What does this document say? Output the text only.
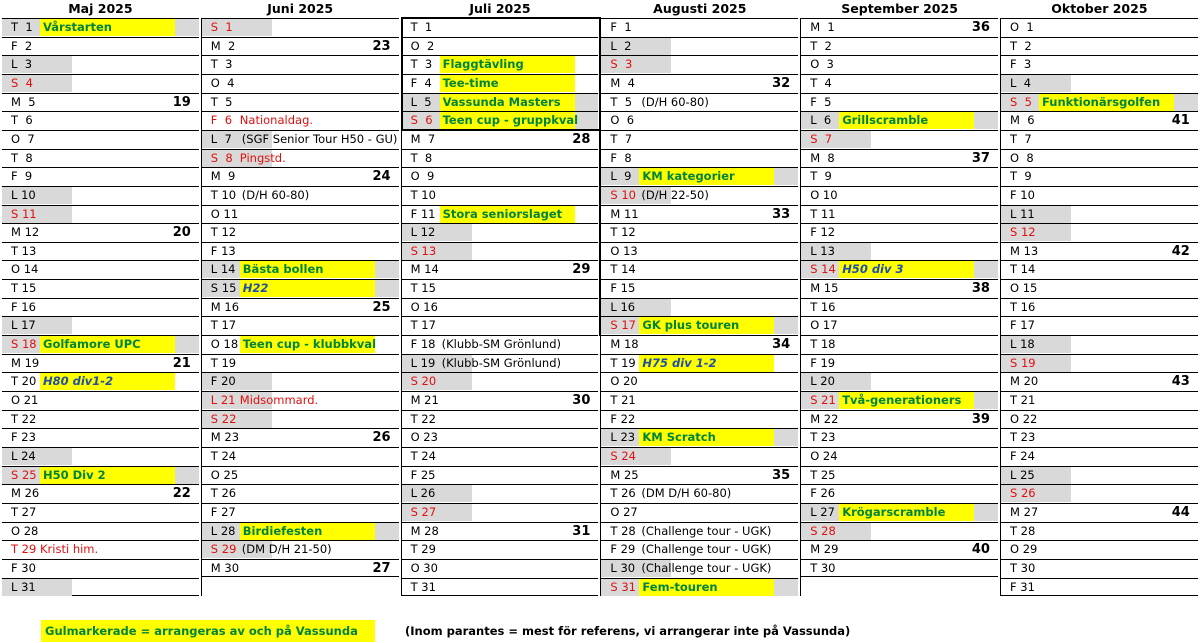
Maj 2025
T  1 Vårstarten
F  2
L  3
S  4
M  5	19
T  6
O  7
T  8
F  9
L 10
S 11
M 12	20
T 13
O 14
T 15
F 16
L 17
S 18 Golfamore UPC
M 19	21
T 20 H80 div1-2
O 21
T 22
F 23
L 24
S 25 H50 Div 2
M 26	22
T 27
O 28
T 29 Kristi him.
F 30
L 31
Juni 2025
S  1
M  2	23
T  3
O  4
T  5
F  6 Nationaldag.
L  7 (SGF Senior Tour H50 - GU)
S  8 Pingstd.
M  9	24
T 10 (D/H 60-80)
O 11
T 12
F 13
L 14 Bästa bollen
S 15 H22
M 16	25
T 17
O 18 Teen cup - klubbkval
T 19
F 20
L 21 Midsommard.
S 22
M 23	26
T 24
O 25
T 26
F 27
L 28 Birdiefesten
S 29 (DM D/H 21-50)
M 30	27
Juli 2025
T  1
O  2
T  3 Flaggtävling
F  4 Tee-time
L  5 Vassunda Masters
S  6 Teen cup - gruppkval
M  7	28
T  8
O  9
T 10
F 11 Stora seniorslaget
L 12
S 13
M 14	29
T 15
O 16
T 17
F 18 (Klubb-SM Grönlund)
L 19 (Klubb-SM Grönlund)
S 20
M 21	30
T 22
O 23
T 24
F 25
L 26
S 27
M 28	31
T 29
O 30
T 31
Augusti 2025
F  1
L  2
S  3
M  4	32
T  5 (D/H 60-80)
O  6
T  7
F  8
L  9 KM kategorier
S 10 (D/H 22-50)
M 11	33
T 12
O 13
T 14
F 15
L 16
S 17 GK plus touren
M 18	34
T 19 H75 div 1-2
O 20
T 21
F 22
L 23 KM Scratch
S 24
M 25	35
T 26 (DM D/H 60-80)
O 27
T 28 (Challenge tour - UGK)
F 29 (Challenge tour - UGK)
L 30 (Challenge tour - UGK)
S 31 Fem-touren
September 2025
M  1	36
T  2
O  3
T  4
F  5
L  6 Grillscramble
S  7
M  8	37
T  9
O 10
T 11
F 12
L 13
S 14 H50 div 3
M 15	38
T 16
O 17
T 18
F 19
L 20
S 21 Två-generationers
M 22	39
T 23
O 24
T 25
F 26
L 27 Krögarscramble
S 28
M 29	40
T 30
Oktober 2025
O  1
T  2
F  3
L  4
S  5 Funktionärsgolfen
M  6	41
T  7
O  8
T  9
F 10
L 11
S 12
M 13	42
T 14
O 15
T 16
F 17
L 18
S 19
M 20	43
T 21
O 22
T 23
F 24
L 25
S 26
M 27	44
T 28
O 29
T 30
F 31
Gulmarkerade = arrangeras av och på Vassunda	(Inom parantes = mest för referens, vi arrangerar inte på Vassunda)
